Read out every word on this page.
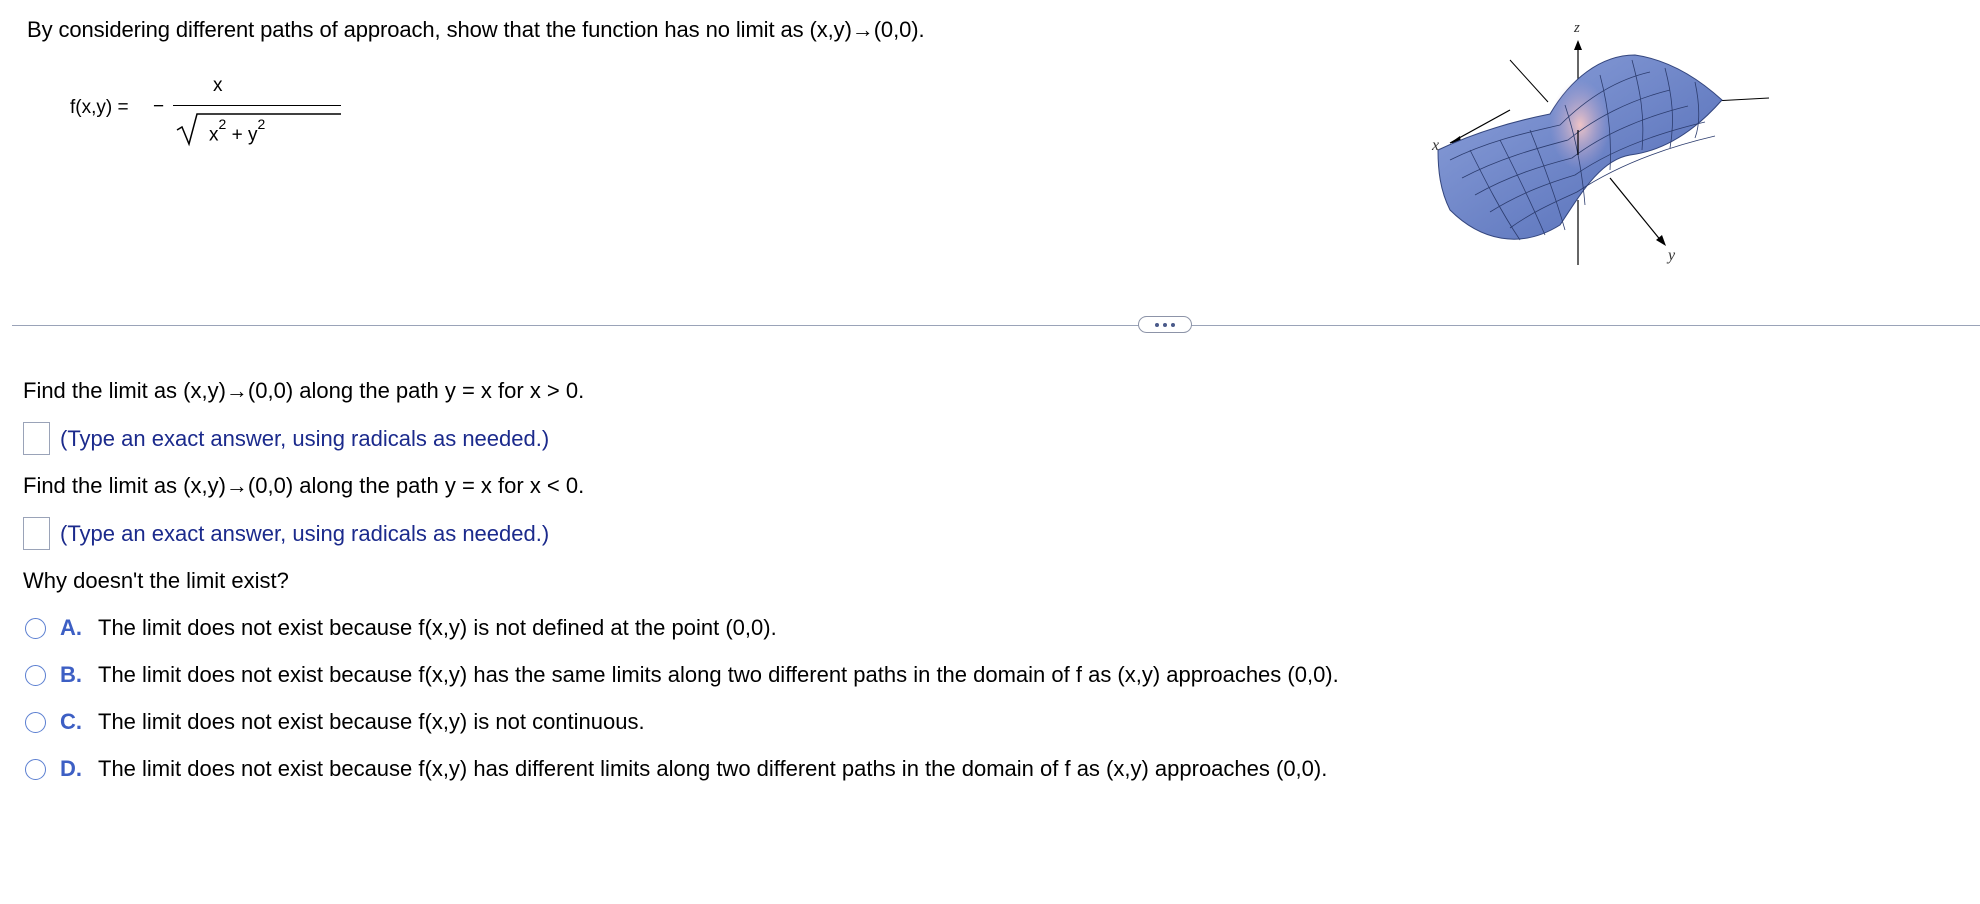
By considering different paths of approach, show that the function has no limit as (x,y)→(0,0).
f(x,y) = −
x
$x^2 + y^2$
z
x
y
Find the limit as (x,y)→(0,0) along the path y = x for x > 0.
(Type an exact answer, using radicals as needed.)
Find the limit as (x,y)→(0,0) along the path y = x for x < 0.
(Type an exact answer, using radicals as needed.)
Why doesn't the limit exist?
A. The limit does not exist because f(x,y) is not defined at the point (0,0).
B. The limit does not exist because f(x,y) has the same limits along two different paths in the domain of f as (x,y) approaches (0,0).
C. The limit does not exist because f(x,y) is not continuous.
D. The limit does not exist because f(x,y) has different limits along two different paths in the domain of f as (x,y) approaches (0,0).
